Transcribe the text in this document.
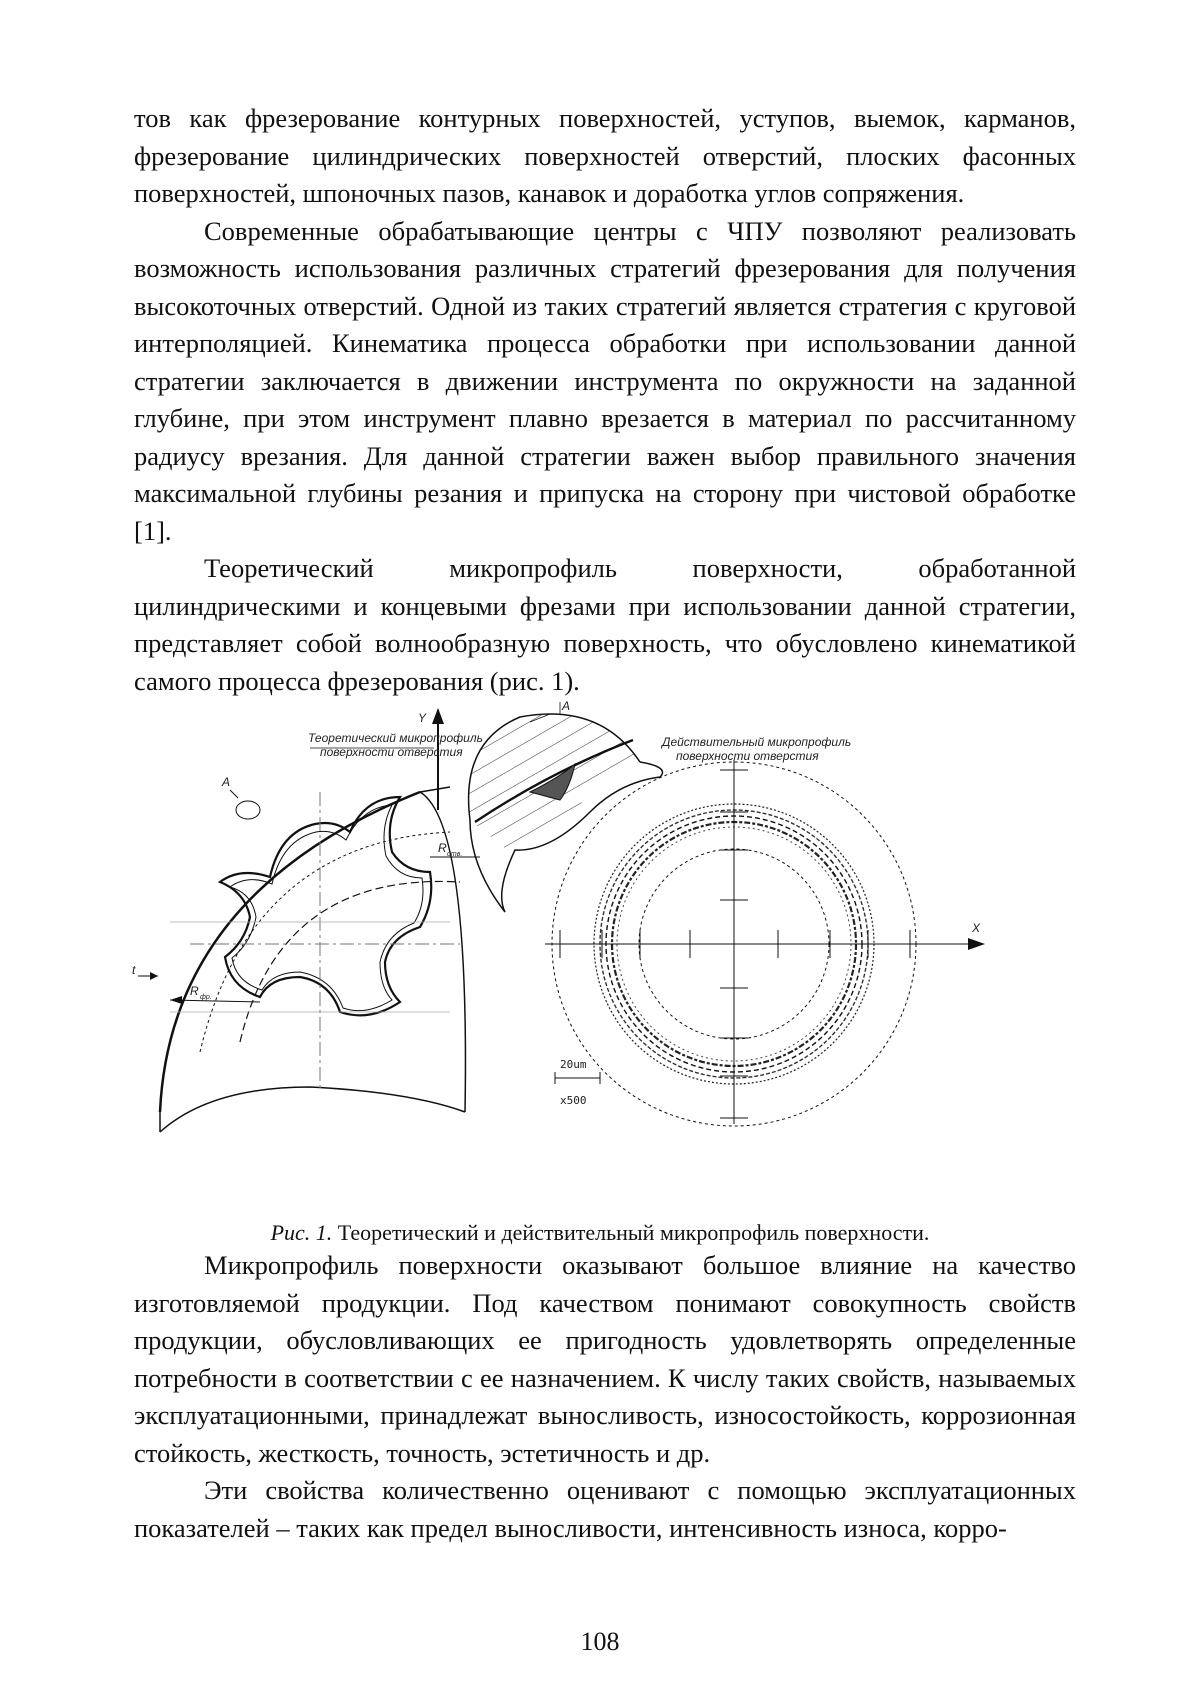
тов как фрезерование контурных поверхностей, уступов, выемок, карманов, фрезерование цилиндрических поверхностей отверстий, плоских фасонных поверхностей, шпоночных пазов, канавок и доработка углов сопряжения.

Современные обрабатывающие центры с ЧПУ позволяют реализовать возможность использования различных стратегий фрезерования для получения высокоточных отверстий. Одной из таких стратегий является стратегия с круговой интерполяцией. Кинематика процесса обработки при использовании данной стратегии заключается в движении инструмента по окружности на заданной глубине, при этом инструмент плавно врезается в материал по рассчитанному радиусу врезания. Для данной стратегии важен выбор правильного значения максимальной глубины резания и припуска на сторону при чистовой обработке [1].

Теоретический микропрофиль поверхности, обработанной цилиндрическими и концевыми фрезами при использовании данной стратегии, представляет собой волнообразную поверхность, что обусловлено кинематикой самого процесса фрезерования (рис. 1).

Y
R фр.
R отв.
t
А
Теоретический микропрофиль
поверхности отверстия
А
Действительный микропрофиль
поверхности отверстия
X
20um
x500
Рис. 1. Теоретический и действительный микропрофиль поверхности.

Микропрофиль поверхности оказывают большое влияние на качество изготовляемой продукции. Под качеством понимают совокупность свойств продукции, обусловливающих ее пригодность удовлетворять определенные потребности в соответствии с ее назначением. К числу таких свойств, называемых эксплуатационными, принадлежат выносливость, износостойкость, коррозионная стойкость, жесткость, точность, эстетичность и др.

Эти свойства количественно оценивают с помощью эксплуатационных показателей – таких как предел выносливости, интенсивность износа, корро-

108
